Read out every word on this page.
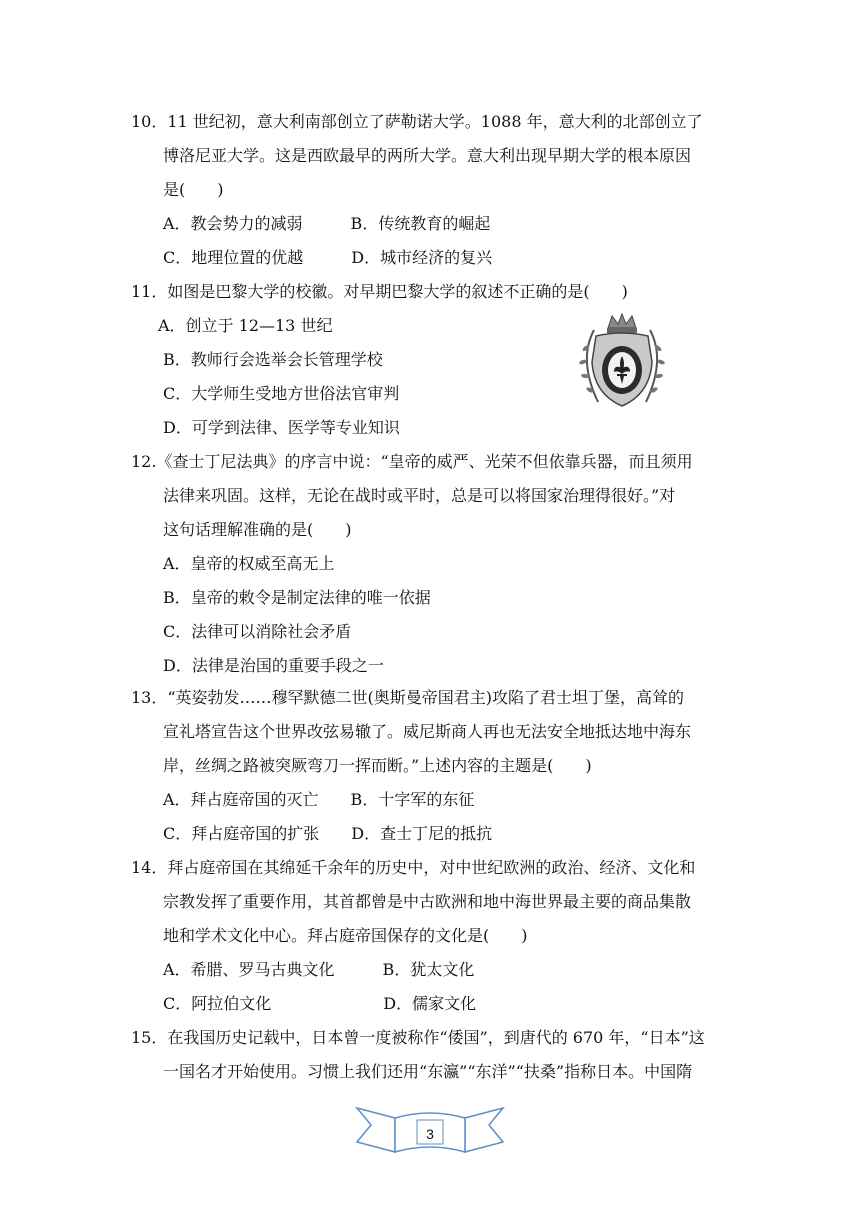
10．11 世纪初，意大利南部创立了萨勒诺大学。1088 年，意大利的北部创立了
博洛尼亚大学。这是西欧最早的两所大学。意大利出现早期大学的根本原因
是(　　)
A．教会势力的减弱　　　B．传统教育的崛起
C．地理位置的优越　　　D．城市经济的复兴
11．如图是巴黎大学的校徽。对早期巴黎大学的叙述不正确的是(　　)
A．创立于 12—13 世纪
B．教师行会选举会长管理学校
C．大学师生受地方世俗法官审判
D．可学到法律、医学等专业知识
12.《查士丁尼法典》的序言中说：“皇帝的威严、光荣不但依靠兵器，而且须用
法律来巩固。这样，无论在战时或平时，总是可以将国家治理得很好。”对
这句话理解准确的是(　　)
A．皇帝的权威至高无上
B．皇帝的敕令是制定法律的唯一依据
C．法律可以消除社会矛盾
D．法律是治国的重要手段之一
13．“英姿勃发……穆罕默德二世(奥斯曼帝国君主)攻陷了君士坦丁堡，高耸的
宣礼塔宣告这个世界改弦易辙了。威尼斯商人再也无法安全地抵达地中海东
岸，丝绸之路被突厥弯刀一挥而断。”上述内容的主题是(　　)
A．拜占庭帝国的灭亡　　B．十字军的东征
C．拜占庭帝国的扩张　　D．查士丁尼的抵抗
14．拜占庭帝国在其绵延千余年的历史中，对中世纪欧洲的政治、经济、文化和
宗教发挥了重要作用，其首都曾是中古欧洲和地中海世界最主要的商品集散
地和学术文化中心。拜占庭帝国保存的文化是(　　)
A．希腊、罗马古典文化　　　B．犹太文化
C．阿拉伯文化　　　　　　　D．儒家文化
15．在我国历史记载中，日本曾一度被称作“倭国”，到唐代的 670 年，“日本”这
一国名才开始使用。习惯上我们还用“东瀛”“东洋”“扶桑”指称日本。中国隋
3
